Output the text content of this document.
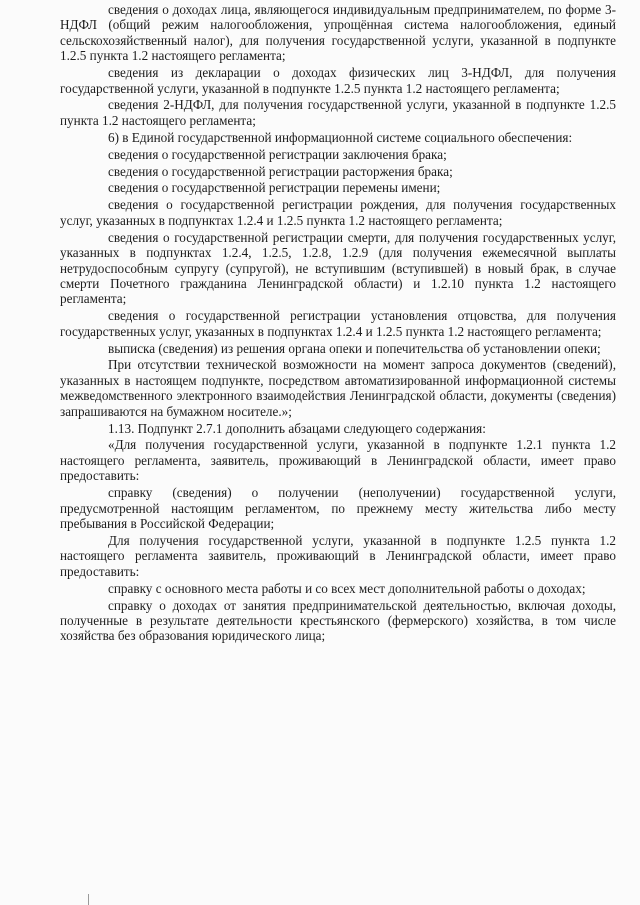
сведения о доходах лица, являющегося индивидуальным предпринимателем, по форме 3-НДФЛ (общий режим налогообложения, упрощённая система налогообложения, единый сельскохозяйственный налог), для получения государственной услуги, указанной в подпункте 1.2.5 пункта 1.2 настоящего регламента;

сведения из декларации о доходах физических лиц 3-НДФЛ, для получения государственной услуги, указанной в подпункте 1.2.5 пункта 1.2 настоящего регламента;

сведения 2-НДФЛ, для получения государственной услуги, указанной в подпункте 1.2.5 пункта 1.2 настоящего регламента;

6) в Единой государственной информационной системе социального обеспечения:

сведения о государственной регистрации заключения брака;

сведения о государственной регистрации расторжения брака;

сведения о государственной регистрации перемены имени;

сведения о государственной регистрации рождения, для получения государственных услуг, указанных в подпунктах 1.2.4 и 1.2.5 пункта 1.2 настоящего регламента;

сведения о государственной регистрации смерти, для получения государственных услуг, указанных в подпунктах 1.2.4, 1.2.5, 1.2.8, 1.2.9 (для получения ежемесячной выплаты нетрудоспособным супругу (супругой), не вступившим (вступившей) в новый брак, в случае смерти Почетного гражданина Ленинградской области) и 1.2.10 пункта 1.2 настоящего регламента;

сведения о государственной регистрации установления отцовства, для получения государственных услуг, указанных в подпунктах 1.2.4 и 1.2.5 пункта 1.2 настоящего регламента;

выписка (сведения) из решения органа опеки и попечительства об установлении опеки;

При отсутствии технической возможности на момент запроса документов (сведений), указанных в настоящем подпункте, посредством автоматизированной информационной системы межведомственного электронного взаимодействия Ленинградской области, документы (сведения) запрашиваются на бумажном носителе.»;

1.13. Подпункт 2.7.1 дополнить абзацами следующего содержания:

«Для получения государственной услуги, указанной в подпункте 1.2.1 пункта 1.2 настоящего регламента, заявитель, проживающий в Ленинградской области, имеет право предоставить:

справку (сведения) о получении (неполучении) государственной услуги, предусмотренной настоящим регламентом, по прежнему месту жительства либо месту пребывания в Российской Федерации;

Для получения государственной услуги, указанной в подпункте 1.2.5 пункта 1.2 настоящего регламента заявитель, проживающий в Ленинградской области, имеет право предоставить:

справку с основного места работы и со всех мест дополнительной работы о доходах;

справку о доходах от занятия предпринимательской деятельностью, включая доходы, полученные в результате деятельности крестьянского (фермерского) хозяйства, в том числе хозяйства без образования юридического лица;
